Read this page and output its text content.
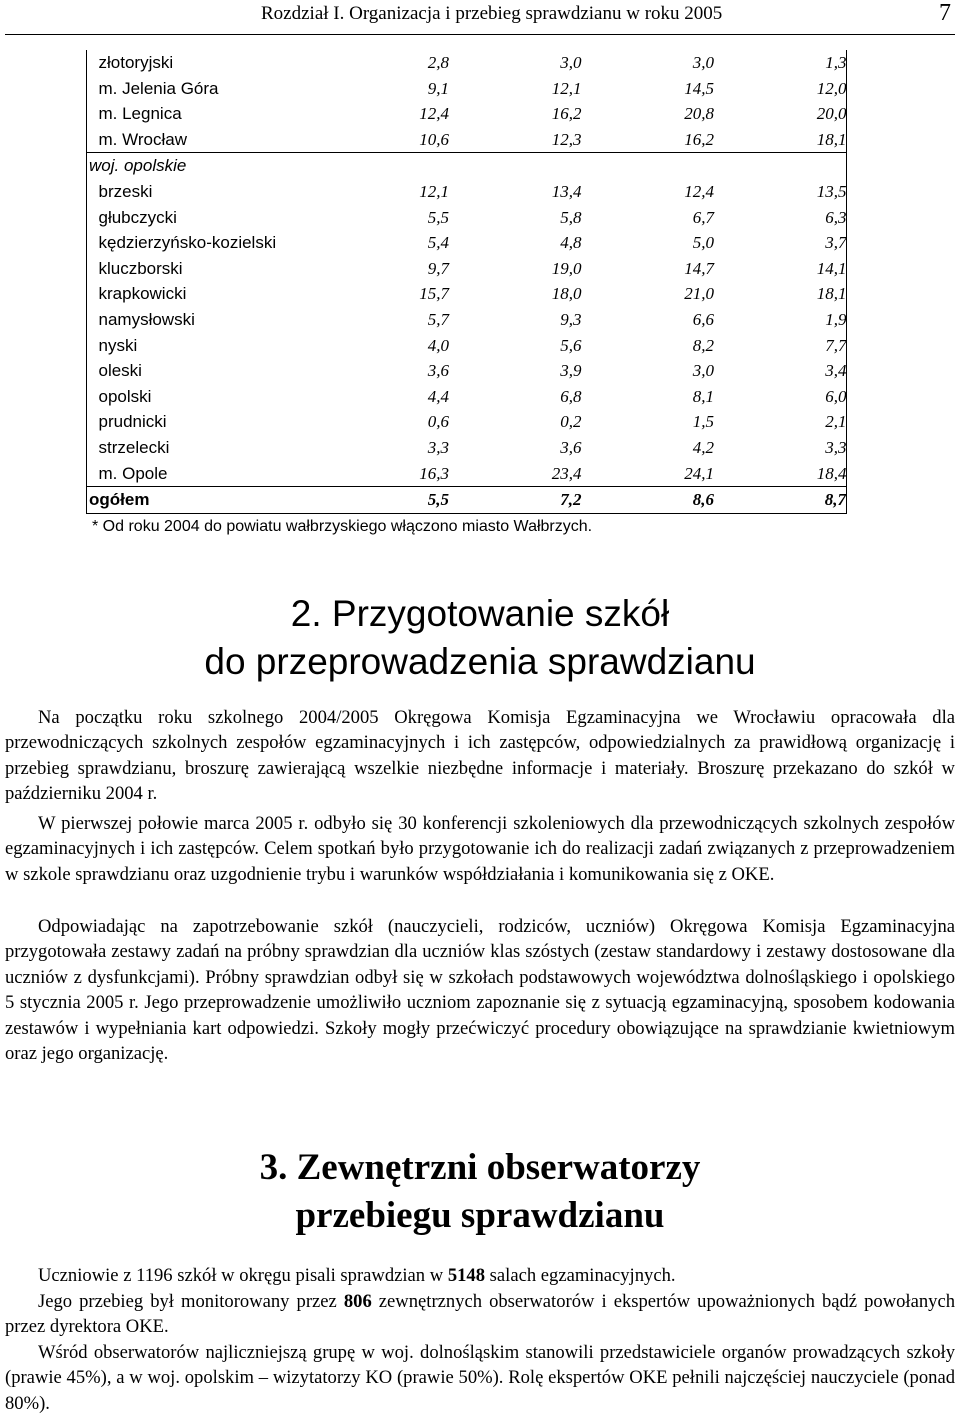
Rozdział I. Organizacja i przebieg sprawdzianu w roku 2005	7
złotoryjski	2,8	3,0	3,0	1,3
m. Jelenia Góra	9,1	12,1	14,5	12,0
m. Legnica	12,4	16,2	20,8	20,0
m. Wrocław	10,6	12,3	16,2	18,1
woj. opolskie				
brzeski	12,1	13,4	12,4	13,5
głubczycki	5,5	5,8	6,7	6,3
kędzierzyńsko-kozielski	5,4	4,8	5,0	3,7
kluczborski	9,7	19,0	14,7	14,1
krapkowicki	15,7	18,0	21,0	18,1
namysłowski	5,7	9,3	6,6	1,9
nyski	4,0	5,6	8,2	7,7
oleski	3,6	3,9	3,0	3,4
opolski	4,4	6,8	8,1	6,0
prudnicki	0,6	0,2	1,5	2,1
strzelecki	3,3	3,6	4,2	3,3
m. Opole	16,3	23,4	24,1	18,4
ogółem	5,5	7,2	8,6	8,7
* Od roku 2004 do powiatu wałbrzyskiego włączono miasto Wałbrzych.
2. Przygotowanie szkół
do przeprowadzenia sprawdzianu

Na początku roku szkolnego 2004/2005 Okręgowa Komisja Egzaminacyjna we Wrocławiu opracowała dla przewodniczących szkolnych zespołów egzaminacyjnych i ich zastępców, odpowiedzialnych za prawidłową organizację i przebieg sprawdzianu, broszurę zawierającą wszelkie niezbędne informacje i materiały. Broszurę przekazano do szkół w październiku 2004 r.

W pierwszej połowie marca 2005 r. odbyło się 30 konferencji szkoleniowych dla przewodniczących szkolnych zespołów egzaminacyjnych i ich zastępców. Celem spotkań było przygotowanie ich do realizacji zadań związanych z przeprowadzeniem w szkole sprawdzianu oraz uzgodnienie trybu i warunków współdziałania i komunikowania się z OKE.

Odpowiadając na zapotrzebowanie szkół (nauczycieli, rodziców, uczniów) Okręgowa Komisja Egzaminacyjna przygotowała zestawy zadań na próbny sprawdzian dla uczniów klas szóstych (zestaw standardowy i zestawy dostosowane dla uczniów z dysfunkcjami). Próbny sprawdzian odbył się w szkołach podstawowych województwa dolnośląskiego i opolskiego 5 stycznia 2005 r. Jego przeprowadzenie umożliwiło uczniom zapoznanie się z sytuacją egzaminacyjną, sposobem kodowania zestawów i wypełniania kart odpowiedzi. Szkoły mogły przećwiczyć procedury obowiązujące na sprawdzianie kwietniowym oraz jego organizację.

3. Zewnętrzni obserwatorzy
przebiegu sprawdzianu

Uczniowie z 1196 szkół w okręgu pisali sprawdzian w 5148 salach egzaminacyjnych.

Jego przebieg był monitorowany przez 806 zewnętrznych obserwatorów i ekspertów upoważnionych bądź powołanych przez dyrektora OKE.

Wśród obserwatorów najliczniejszą grupę w woj. dolnośląskim stanowili przedstawiciele organów prowadzących szkoły (prawie 45%), a w woj. opolskim – wizytatorzy KO (prawie 50%). Rolę ekspertów OKE pełnili najczęściej nauczyciele (ponad 80%).
